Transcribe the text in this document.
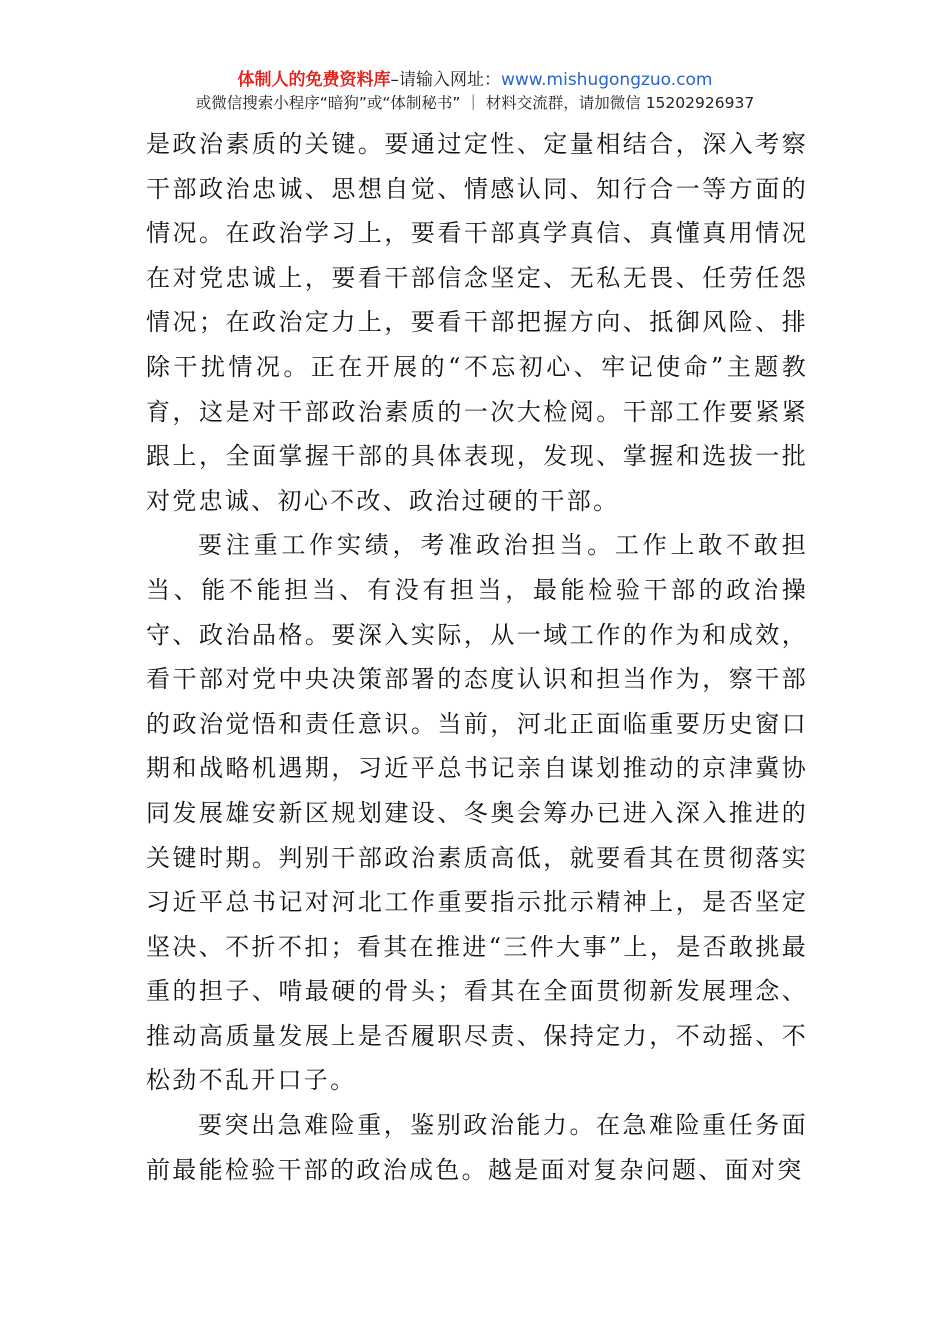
体制人的免费资料库–请输入网址：www.mishugongzuo.com
或微信搜索小程序“暗狗”或“体制秘书” ｜ 材料交流群，请加微信 15202926937

是政治素质的关键。要通过定性、定量相结合，深入考察干部政治忠诚、思想自觉、情感认同、知行合一等方面的情况。在政治学习上，要看干部真学真信、真懂真用情况在对党忠诚上，要看干部信念坚定、无私无畏、任劳任怨情况；在政治定力上，要看干部把握方向、抵御风险、排除干扰情况。正在开展的“不忘初心、牢记使命”主题教育，这是对干部政治素质的一次大检阅。干部工作要紧紧跟上，全面掌握干部的具体表现，发现、掌握和选拔一批对党忠诚、初心不改、政治过硬的干部。

要注重工作实绩，考准政治担当。工作上敢不敢担当、能不能担当、有没有担当，最能检验干部的政治操守、政治品格。要深入实际，从一域工作的作为和成效，看干部对党中央决策部署的态度认识和担当作为，察干部的政治觉悟和责任意识。当前，河北正面临重要历史窗口期和战略机遇期，习近平总书记亲自谋划推动的京津冀协同发展雄安新区规划建设、冬奥会筹办已进入深入推进的关键时期。判别干部政治素质高低，就要看其在贯彻落实习近平总书记对河北工作重要指示批示精神上，是否坚定坚决、不折不扣；看其在推进“三件大事”上，是否敢挑最重的担子、啃最硬的骨头；看其在全面贯彻新发展理念、推动高质量发展上是否履职尽责、保持定力，不动摇、不松劲不乱开口子。

要突出急难险重，鉴别政治能力。在急难险重任务面前最能检验干部的政治成色。越是面对复杂问题、面对突
